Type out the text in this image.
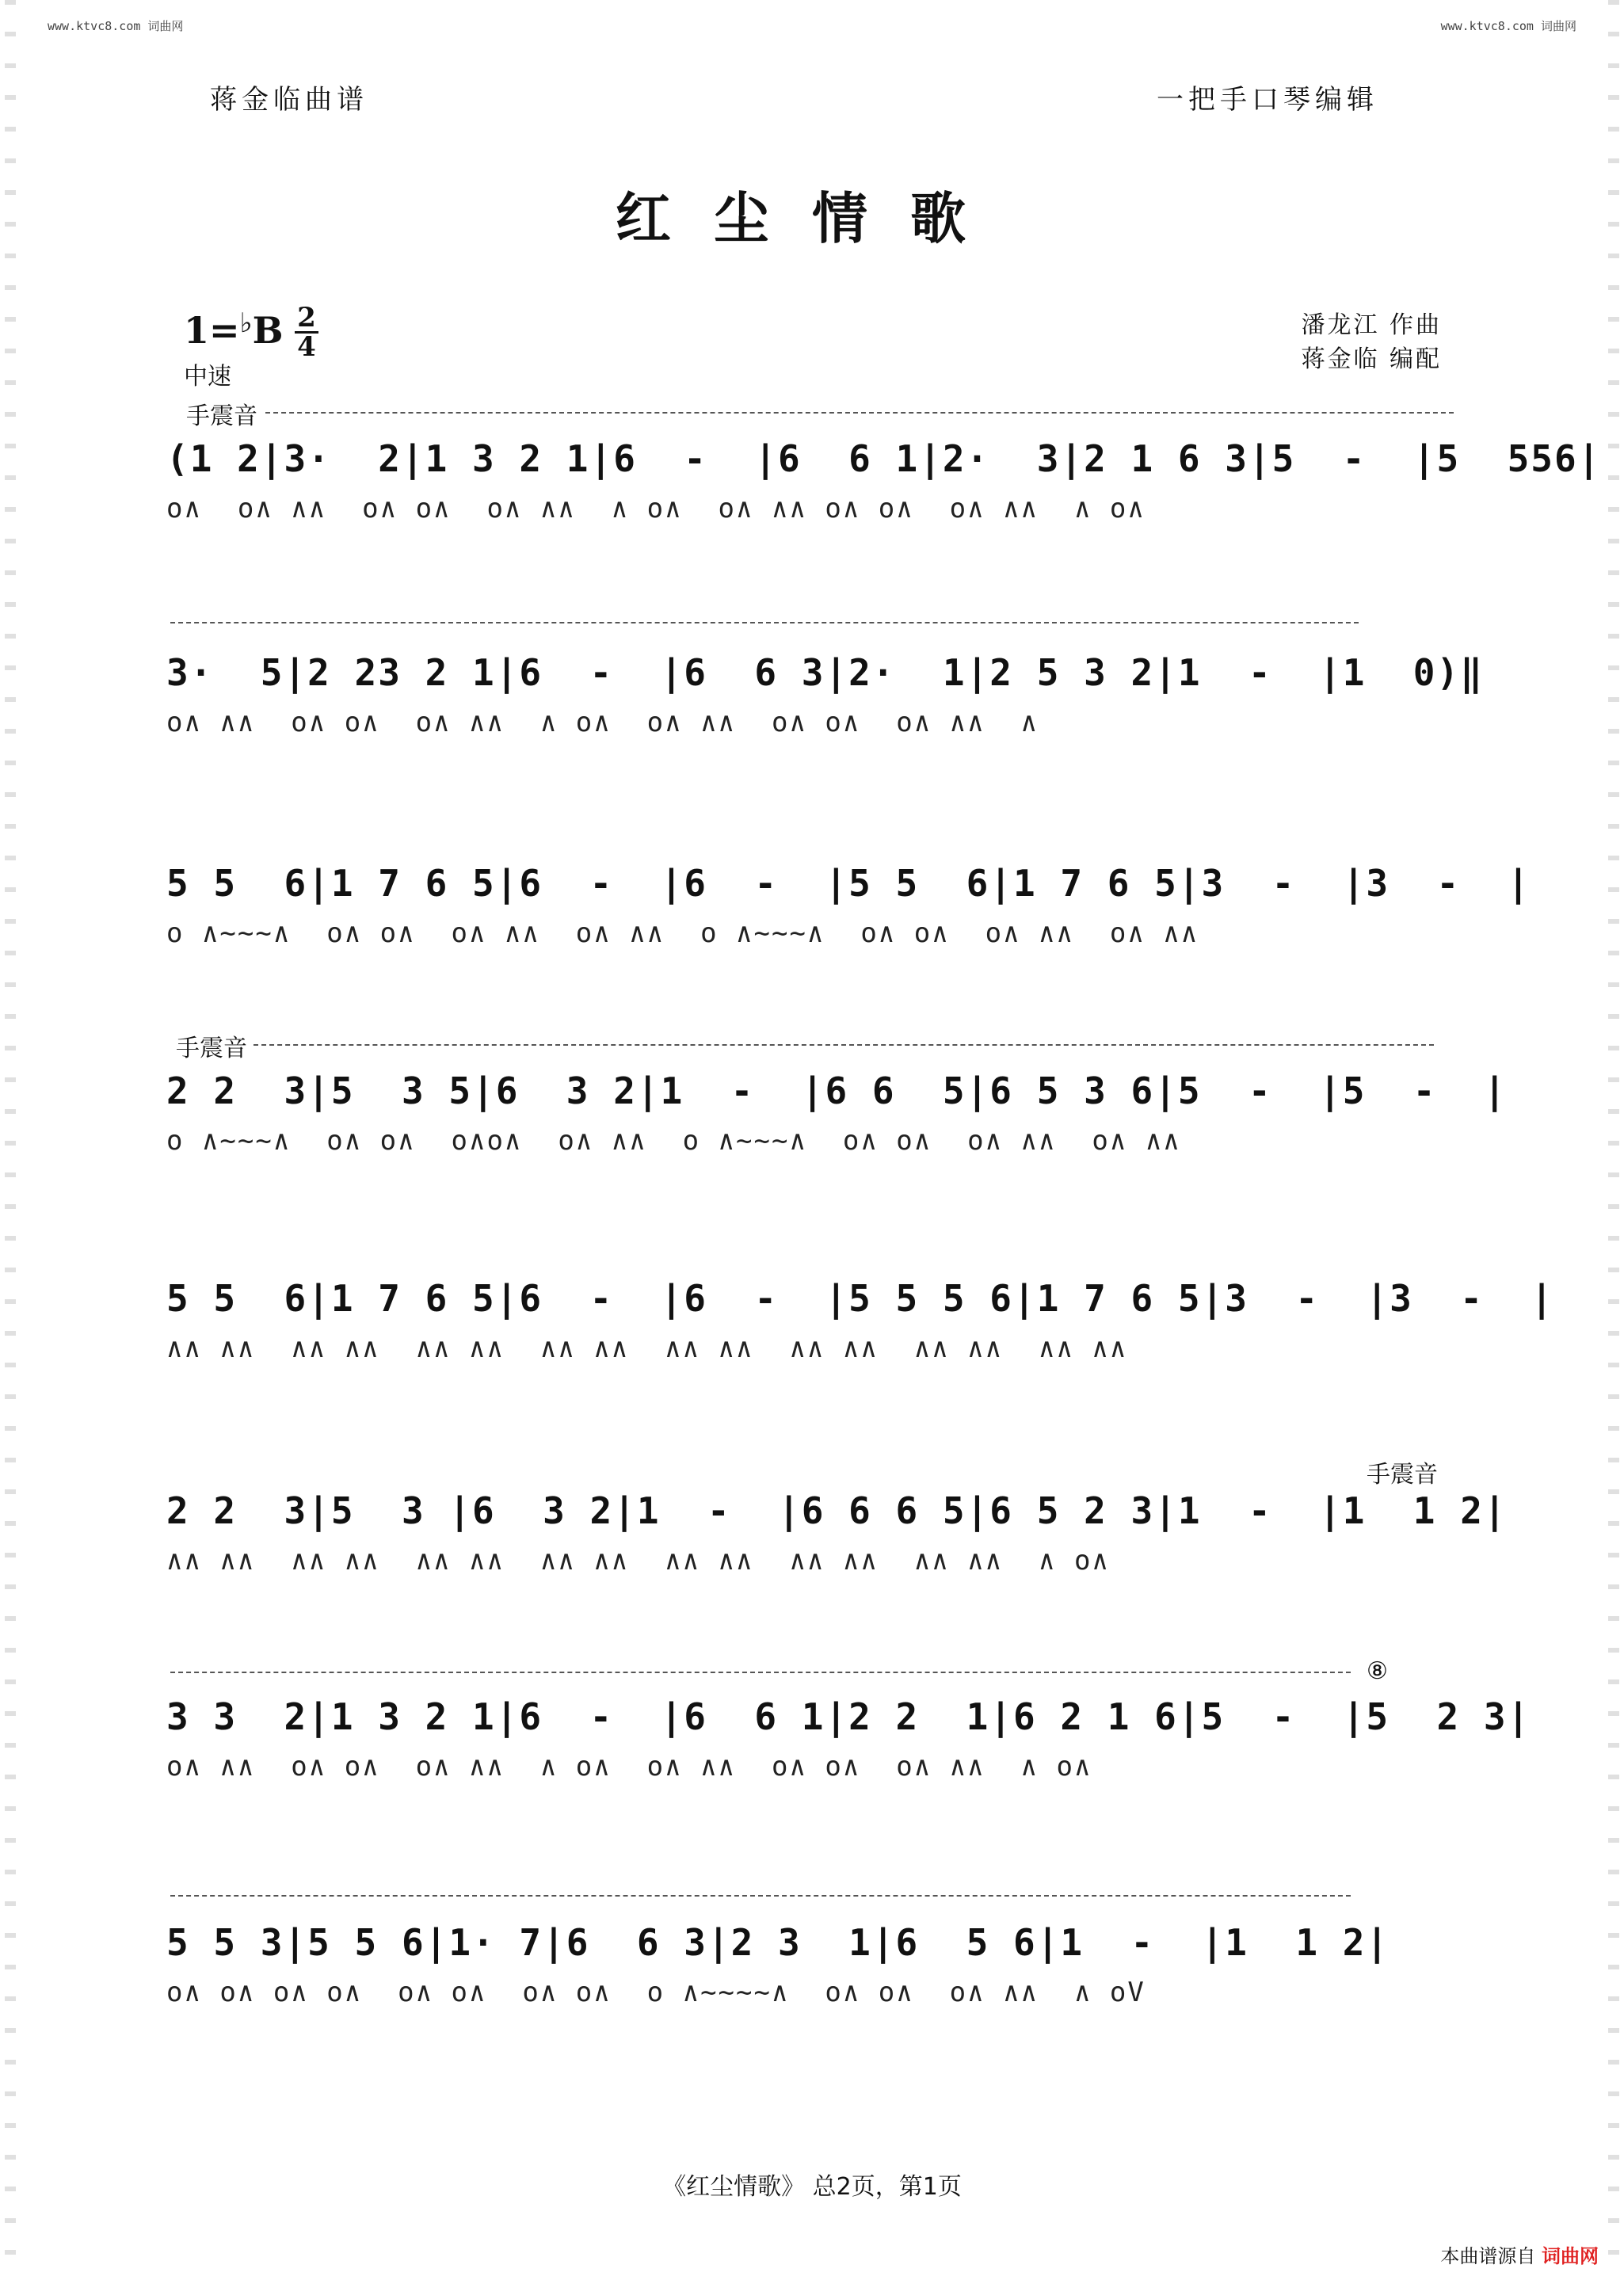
www.ktvc8.com 词曲网	www.ktvc8.com 词曲网
蒋金临曲谱	一把手口琴编辑
红尘情歌
1=♭B 2
4
中速
潘龙江 作曲
蒋金临 编配
手震音
(1 2|3·  2|1 3 2 1|6  -  |6  6 1|2·  3|2 1 6 3|5  -  |5  556|
o∧  o∧ ∧∧  o∧ o∧  o∧ ∧∧  ∧ o∧  o∧ ∧∧ o∧ o∧  o∧ ∧∧  ∧ o∧
3·  5|2 23 2 1|6  -  |6  6 3|2·  1|2 5 3 2|1  -  |1  0)‖
o∧ ∧∧  o∧ o∧  o∧ ∧∧  ∧ o∧  o∧ ∧∧  o∧ o∧  o∧ ∧∧  ∧
5 5  6|1 7 6 5|6  -  |6  -  |5 5  6|1 7 6 5|3  -  |3  -  |
o ∧~~~∧  o∧ o∧  o∧ ∧∧  o∧ ∧∧  o ∧~~~∧  o∧ o∧  o∧ ∧∧  o∧ ∧∧
手震音
2 2  3|5  3 5|6  3 2|1  -  |6 6  5|6 5 3 6|5  -  |5  -  |
o ∧~~~∧  o∧ o∧  o∧o∧  o∧ ∧∧  o ∧~~~∧  o∧ o∧  o∧ ∧∧  o∧ ∧∧
5 5  6|1 7 6 5|6  -  |6  -  |5 5 5 6|1 7 6 5|3  -  |3  -  |
∧∧ ∧∧  ∧∧ ∧∧  ∧∧ ∧∧  ∧∧ ∧∧  ∧∧ ∧∧  ∧∧ ∧∧  ∧∧ ∧∧  ∧∧ ∧∧
手震音
2 2  3|5  3 |6  3 2|1  -  |6 6 6 5|6 5 2 3|1  -  |1  1 2|
∧∧ ∧∧  ∧∧ ∧∧  ∧∧ ∧∧  ∧∧ ∧∧  ∧∧ ∧∧  ∧∧ ∧∧  ∧∧ ∧∧  ∧ o∧
⑧
3 3  2|1 3 2 1|6  -  |6  6 1|2 2  1|6 2 1 6|5  -  |5  2 3|
o∧ ∧∧  o∧ o∧  o∧ ∧∧  ∧ o∧  o∧ ∧∧  o∧ o∧  o∧ ∧∧  ∧ o∧
5 5 3|5 5 6|1· 7|6  6 3|2 3  1|6  5 6|1  -  |1  1 2|
o∧ o∧ o∧ o∧  o∧ o∧  o∧ o∧  o ∧~~~~∧  o∧ o∧  o∧ ∧∧  ∧ oV
《红尘情歌》 总2页，第1页
本曲谱源自 词曲网
